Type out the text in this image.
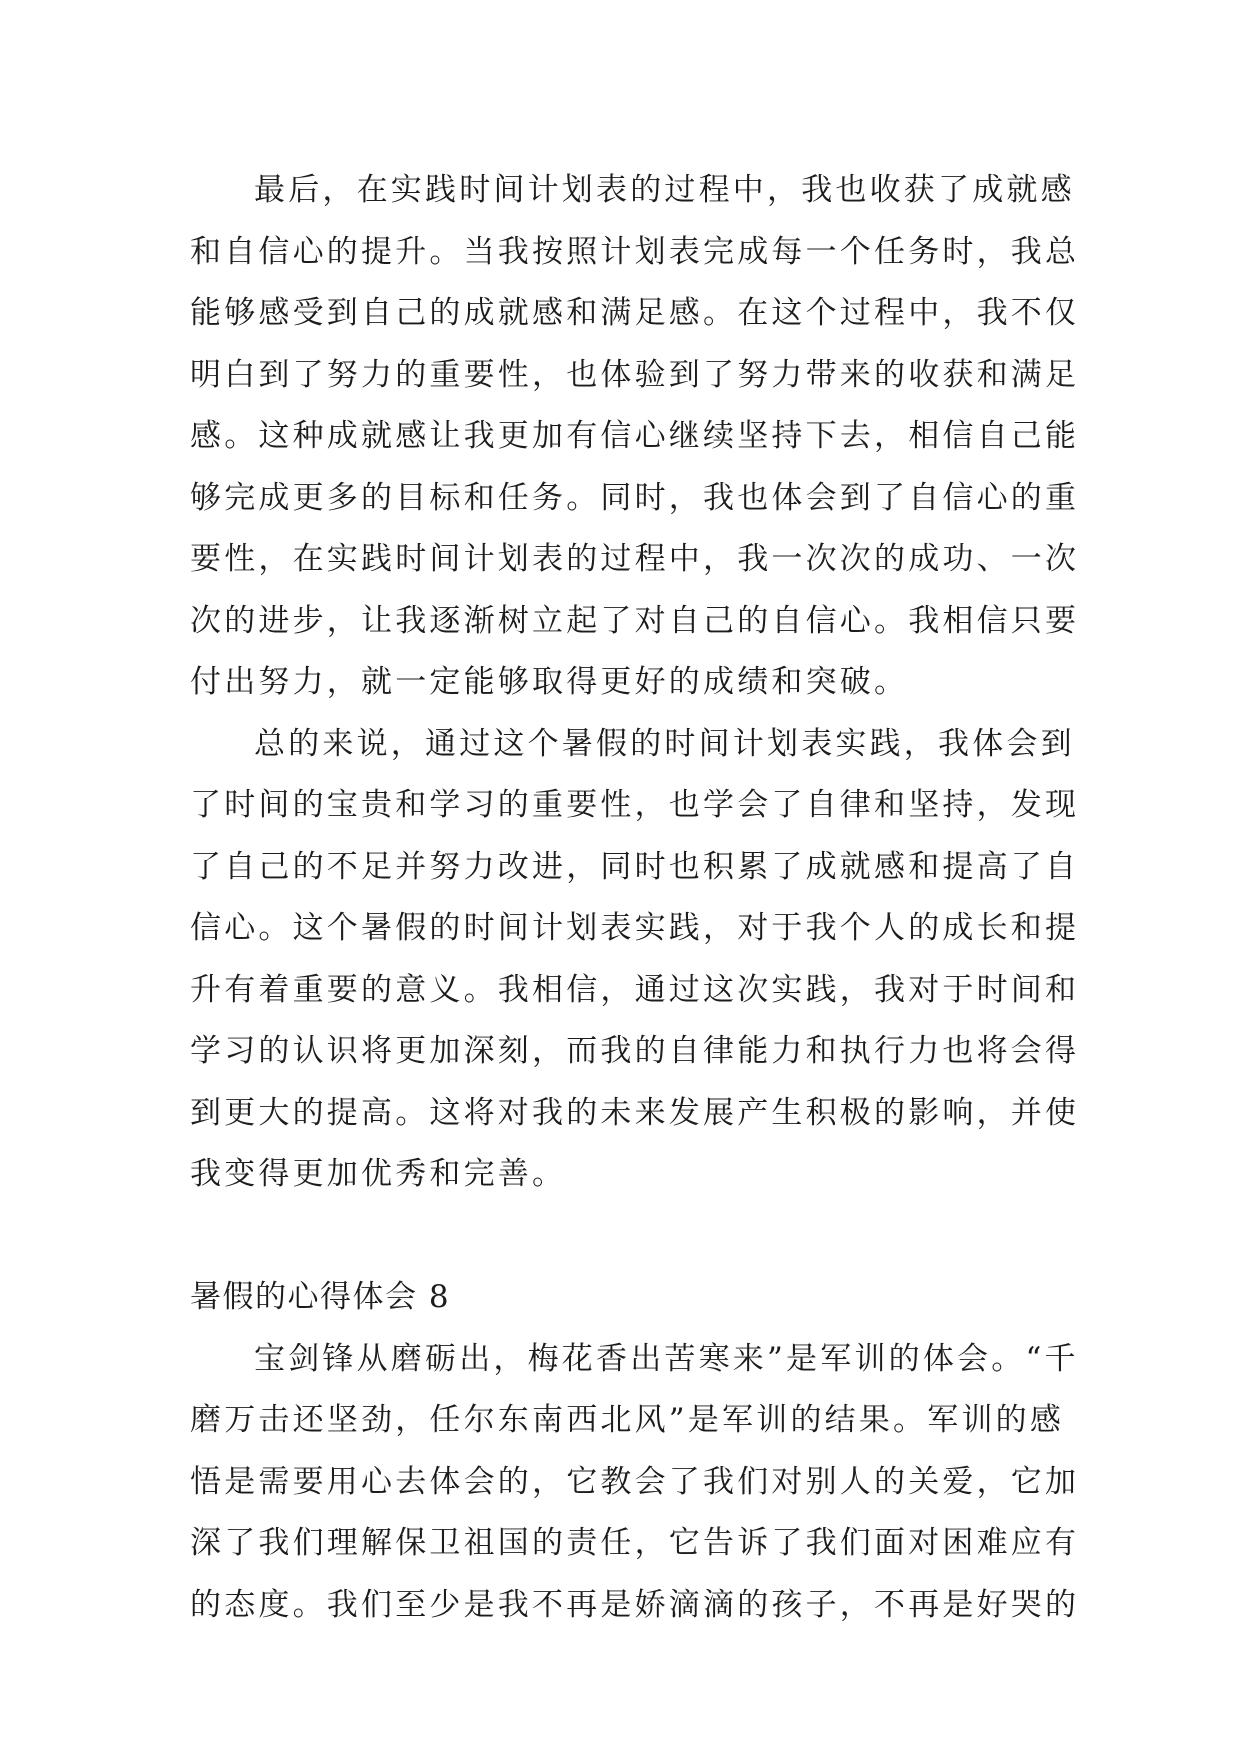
最后，在实践时间计划表的过程中，我也收获了成就感
和自信心的提升。当我按照计划表完成每一个任务时，我总
能够感受到自己的成就感和满足感。在这个过程中，我不仅
明白到了努力的重要性，也体验到了努力带来的收获和满足
感。这种成就感让我更加有信心继续坚持下去，相信自己能
够完成更多的目标和任务。同时，我也体会到了自信心的重
要性，在实践时间计划表的过程中，我一次次的成功、一次
次的进步，让我逐渐树立起了对自己的自信心。我相信只要
付出努力，就一定能够取得更好的成绩和突破。
总的来说，通过这个暑假的时间计划表实践，我体会到
了时间的宝贵和学习的重要性，也学会了自律和坚持，发现
了自己的不足并努力改进，同时也积累了成就感和提高了自
信心。这个暑假的时间计划表实践，对于我个人的成长和提
升有着重要的意义。我相信，通过这次实践，我对于时间和
学习的认识将更加深刻，而我的自律能力和执行力也将会得
到更大的提高。这将对我的未来发展产生积极的影响，并使
我变得更加优秀和完善。
暑假的心得体会 8
宝剑锋从磨砺出，梅花香出苦寒来”是军训的体会。“千
磨万击还坚劲，任尔东南西北风”是军训的结果。军训的感
悟是需要用心去体会的，它教会了我们对别人的关爱，它加
深了我们理解保卫祖国的责任，它告诉了我们面对困难应有
的态度。我们至少是我不再是娇滴滴的孩子，不再是好哭的
